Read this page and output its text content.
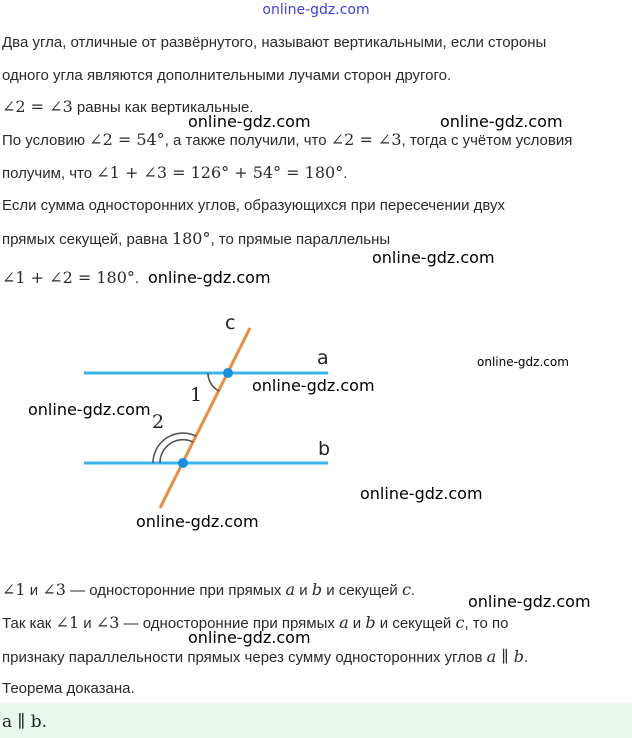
online-gdz.com
Два угла, отличные от развёрнутого, называют вертикальными, если стороны
одного угла являются дополнительными лучами сторон другого.
∠2 = ∠3 равны как вертикальные.
По условию ∠2 = 54°, а также получили, что ∠2 = ∠3, тогда с учётом условия
получим, что ∠1 + ∠3 = 126° + 54° = 180°.
Если сумма односторонних углов, образующихся при пересечении двух
прямых секущей, равна 180°, то прямые параллельны
∠1 + ∠2 = 180°.
a
b
c
1
2
online-gdz.com	online-gdz.com
online-gdz.com
online-gdz.com
online-gdz.com
online-gdz.com
online-gdz.com
online-gdz.com
online-gdz.com
online-gdz.com
online-gdz.com
∠1 и ∠3 — односторонние при прямых a и b и секущей c.
Так как ∠1 и ∠3 — односторонние при прямых a и b и секущей c, то по
признаку параллельности прямых через сумму односторонних углов a ∥ b.
Теорема доказана.
a ∥ b.
